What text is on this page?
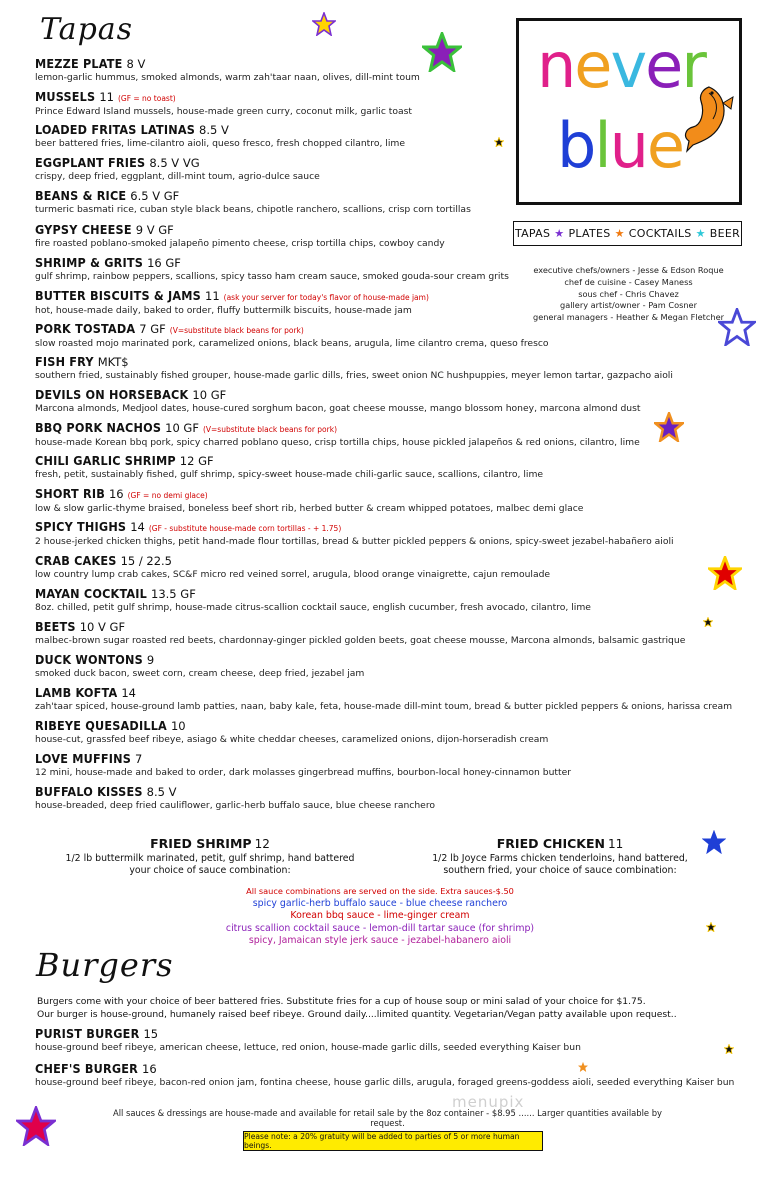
Tapas
MEZZE PLATE 8 V
lemon-garlic hummus, smoked almonds, warm zah'taar naan, olives, dill-mint toum
MUSSELS 11 (GF = no toast)
Prince Edward Island mussels, house-made green curry, coconut milk, garlic toast
LOADED FRITAS LATINAS 8.5 V
beer battered fries, lime-cilantro aioli, queso fresco, fresh chopped cilantro, lime
EGGPLANT FRIES 8.5 V VG
crispy, deep fried, eggplant, dill-mint toum, agrio-dulce sauce
BEANS & RICE 6.5 V GF
turmeric basmati rice, cuban style black beans, chipotle ranchero, scallions, crisp corn tortillas
GYPSY CHEESE 9 V GF
fire roasted poblano-smoked jalapeño pimento cheese, crisp tortilla chips, cowboy candy
SHRIMP & GRITS 16 GF
gulf shrimp, rainbow peppers, scallions, spicy tasso ham cream sauce, smoked gouda-sour cream grits
BUTTER BISCUITS & JAMS 11 (ask your server for today's flavor of house-made jam)
hot, house-made daily, baked to order, fluffy buttermilk biscuits, house-made jam
PORK TOSTADA 7 GF (V=substitute black beans for pork)
slow roasted mojo marinated pork, caramelized onions, black beans, arugula, lime cilantro crema, queso fresco
FISH FRY MKT$
southern fried, sustainably fished grouper, house-made garlic dills, fries, sweet onion NC hushpuppies, meyer lemon tartar, gazpacho aioli
DEVILS ON HORSEBACK 10 GF
Marcona almonds, Medjool dates, house-cured sorghum bacon, goat cheese mousse, mango blossom honey, marcona almond dust
BBQ PORK NACHOS 10 GF (V=substitute black beans for pork)
house-made Korean bbq pork, spicy charred poblano queso, crisp tortilla chips, house pickled jalapeños & red onions, cilantro, lime
CHILI GARLIC SHRIMP 12 GF
fresh, petit, sustainably fished, gulf shrimp, spicy-sweet house-made chili-garlic sauce, scallions, cilantro, lime
SHORT RIB 16 (GF = no demi glace)
low & slow garlic-thyme braised, boneless beef short rib, herbed butter & cream whipped potatoes, malbec demi glace
SPICY THIGHS 14 (GF - substitute house-made corn tortillas - + 1.75)
2 house-jerked chicken thighs, petit hand-made flour tortillas, bread & butter pickled peppers & onions, spicy-sweet jezabel-habañero aioli
CRAB CAKES 15 / 22.5
low country lump crab cakes, SC&F micro red veined sorrel, arugula, blood orange vinaigrette, cajun remoulade
MAYAN COCKTAIL 13.5 GF
8oz. chilled, petit gulf shrimp, house-made citrus-scallion cocktail sauce, english cucumber, fresh avocado, cilantro, lime
BEETS 10 V GF
malbec-brown sugar roasted red beets, chardonnay-ginger pickled golden beets, goat cheese mousse, Marcona almonds, balsamic gastrique
DUCK WONTONS 9
smoked duck bacon, sweet corn, cream cheese, deep fried, jezabel jam
LAMB KOFTA 14
zah'taar spiced, house-ground lamb patties, naan, baby kale, feta, house-made dill-mint toum, bread & butter pickled peppers & onions, harissa cream
RIBEYE QUESADILLA 10
house-cut, grassfed beef ribeye, asiago & white cheddar cheeses, caramelized onions, dijon-horseradish cream
LOVE MUFFINS 7
12 mini, house-made and baked to order, dark molasses gingerbread muffins, bourbon-local honey-cinnamon butter
BUFFALO KISSES 8.5 V
house-breaded, deep fried cauliflower, garlic-herb buffalo sauce, blue cheese ranchero
never
blue
TAPAS ★ PLATES ★ COCKTAILS ★ BEER
executive chefs/owners - Jesse & Edson Roque
chef de cuisine - Casey Maness
sous chef - Chris Chavez
gallery artist/owner - Pam Cosner
general managers - Heather & Megan Fletcher
FRIED SHRIMP 12
1/2 lb buttermilk marinated, petit, gulf shrimp, hand battered
your choice of sauce combination:
FRIED CHICKEN 11
1/2 lb Joyce Farms chicken tenderloins, hand battered,
southern fried, your choice of sauce combination:
All sauce combinations are served on the side. Extra sauces-$.50
spicy garlic-herb buffalo sauce - blue cheese ranchero
Korean bbq sauce - lime-ginger cream
citrus scallion cocktail sauce - lemon-dill tartar sauce (for shrimp)
spicy, Jamaican style jerk sauce - jezabel-habanero aioli
Burgers
Burgers come with your choice of beer battered fries. Substitute fries for a cup of house soup or mini salad of your choice for $1.75.
Our burger is house-ground, humanely raised beef ribeye. Ground daily....limited quantity. Vegetarian/Vegan patty available upon request..
PURIST BURGER 15
house-ground beef ribeye, american cheese, lettuce, red onion, house-made garlic dills, seeded everything Kaiser bun
CHEF'S BURGER 16
house-ground beef ribeye, bacon-red onion jam, fontina cheese, house garlic dills, arugula, foraged greens-goddess aioli, seeded everything Kaiser bun
All sauces & dressings are house-made and available for retail sale by the 8oz container - $8.95 ...... Larger quantities available by request.
menupix
Please note: a 20% gratuity will be added to parties of 5 or more human beings.
